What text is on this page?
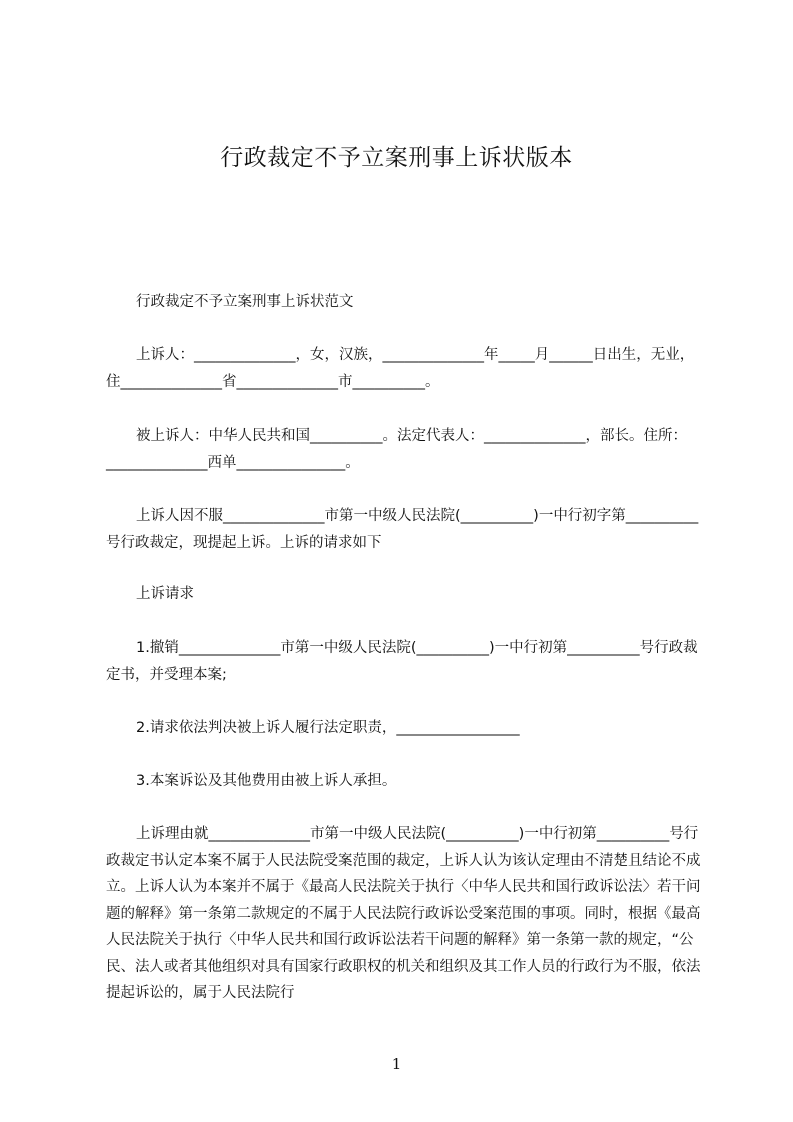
行政裁定不予立案刑事上诉状版本
行政裁定不予立案刑事上诉状范文
上诉人：______________，女，汉族，______________年_____月______日出生，无业，住______________省______________市__________。
被上诉人：中华人民共和国__________。法定代表人：______________，部长。住所：______________西单_______________。
上诉人因不服______________市第一中级人民法院(__________)一中行初字第__________号行政裁定，现提起上诉。上诉的请求如下
上诉请求
1.撤销______________市第一中级人民法院(__________)一中行初第__________号行政裁定书，并受理本案;
2.请求依法判决被上诉人履行法定职责，_________________
3.本案诉讼及其他费用由被上诉人承担。
上诉理由就______________市第一中级人民法院(__________)一中行初第__________号行政裁定书认定本案不属于人民法院受案范围的裁定，上诉人认为该认定理由不清楚且结论不成立。上诉人认为本案并不属于《最高人民法院关于执行〈中华人民共和国行政诉讼法〉若干问题的解释》第一条第二款规定的不属于人民法院行政诉讼受案范围的事项。同时，根据《最高人民法院关于执行〈中华人民共和国行政诉讼法若干问题的解释》第一条第一款的规定，“公民、法人或者其他组织对具有国家行政职权的机关和组织及其工作人员的行政行为不服，依法提起诉讼的，属于人民法院行
1
